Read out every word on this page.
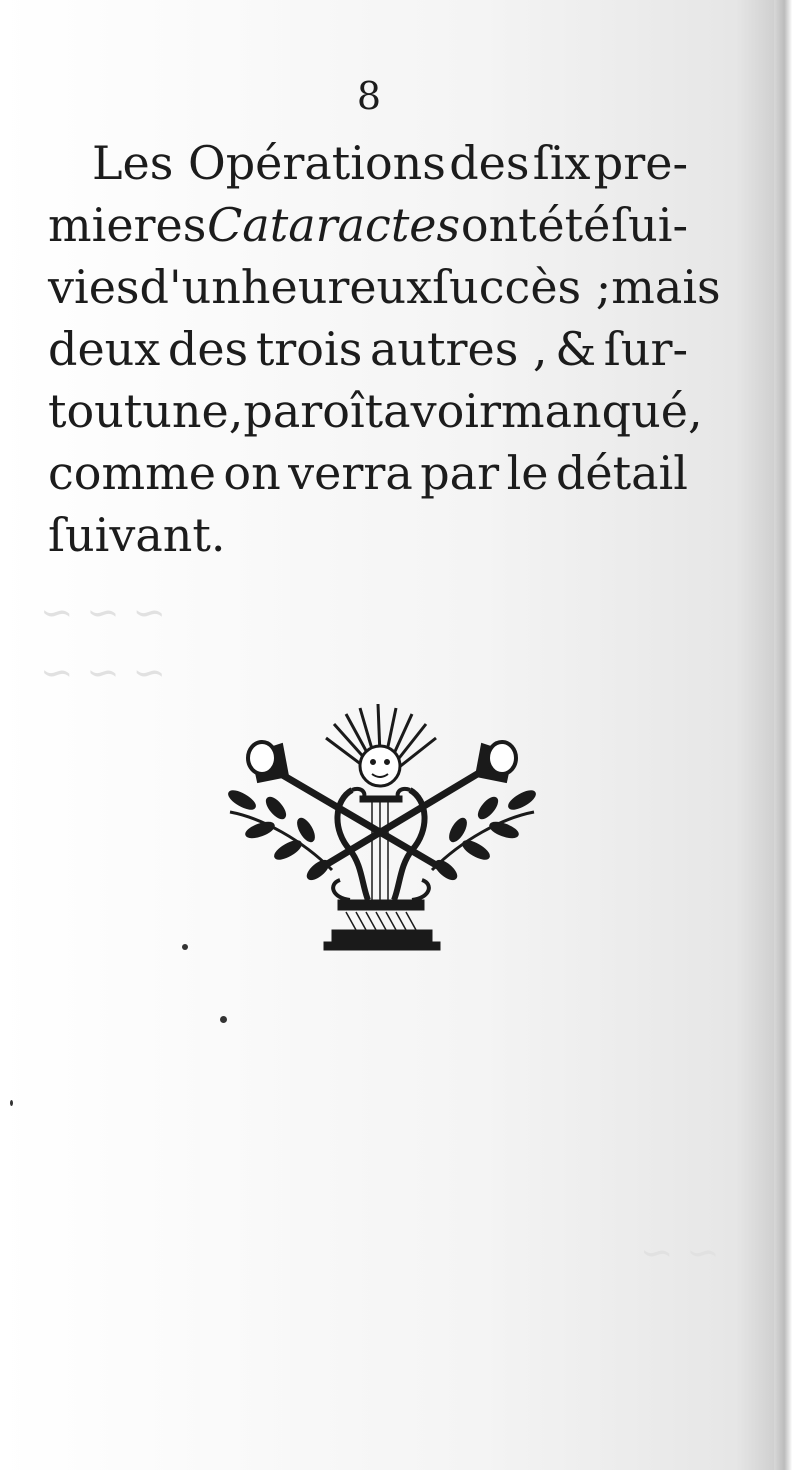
~ ~ ~
~ ~ ~
~ ~
8
Les Opérations des ſix pre-
mieres Cataractes ont été ſui-
vies d'un heureux ſuccès ; mais
deux des trois autres , & ſur-
tout une, paroît avoir manqué,
comme on verra par le détail
ſuivant.
